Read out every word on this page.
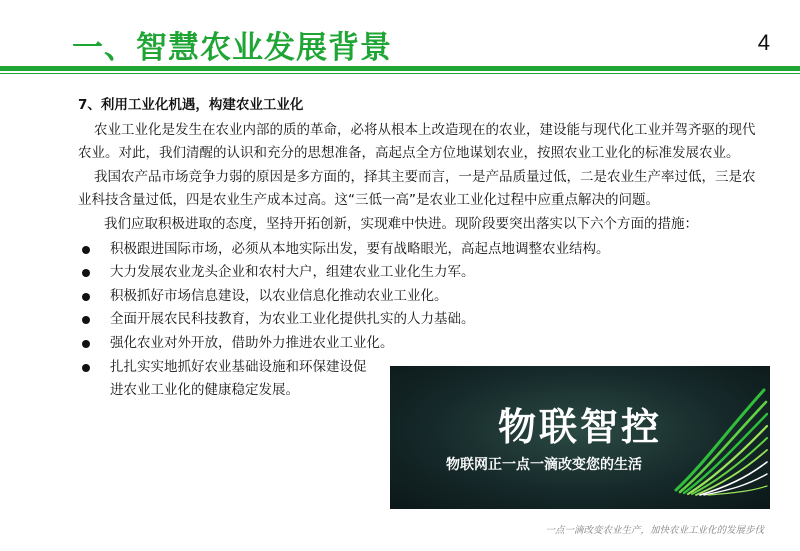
一、智慧农业发展背景	4
7、利用工业化机遇，构建农业工业化

农业工业化是发生在农业内部的质的革命，必将从根本上改造现在的农业，建设能与现代化工业并驾齐驱的现代农业。对此，我们清醒的认识和充分的思想准备，高起点全方位地谋划农业，按照农业工业化的标准发展农业。

我国农产品市场竞争力弱的原因是多方面的，择其主要而言，一是产品质量过低，二是农业生产率过低，三是农业科技含量过低，四是农业生产成本过高。这“三低一高”是农业工业化过程中应重点解决的问题。

我们应取积极进取的态度，坚持开拓创新，实现难中快进。现阶段要突出落实以下六个方面的措施：

积极跟进国际市场，必须从本地实际出发，要有战略眼光，高起点地调整农业结构。
大力发展农业龙头企业和农村大户，组建农业工业化生力军。
积极抓好市场信息建设，以农业信息化推动农业工业化。
全面开展农民科技教育，为农业工业化提供扎实的人力基础。
强化农业对外开放，借助外力推进农业工业化。
扎扎实实地抓好农业基础设施和环保建设促进农业工业化的健康稳定发展。
物联智控
物联网正一点一滴改变您的生活
一点一滴改变农业生产，加快农业工业化的发展步伐
